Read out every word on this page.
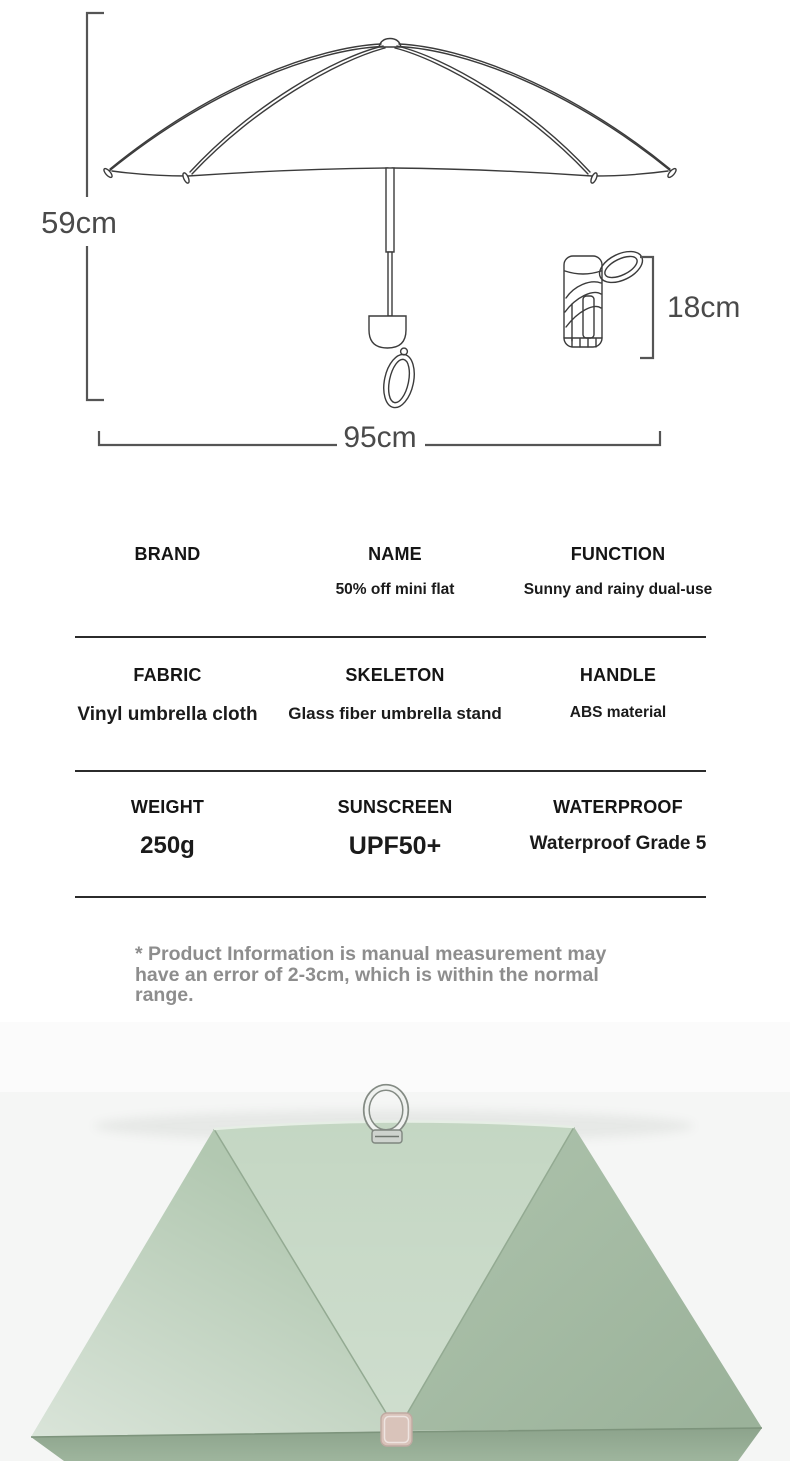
59cm
95cm
18cm
BRAND	NAME
50% off mini flat
FUNCTION
Sunny and rainy dual-use
FABRIC
Vinyl umbrella cloth
SKELETON
Glass fiber umbrella stand
HANDLE
ABS material
WEIGHT
250g
SUNSCREEN
UPF50+
WATERPROOF
Waterproof Grade 5
* Product Information is manual measurement may
have an error of 2-3cm, which is within the normal
range.
